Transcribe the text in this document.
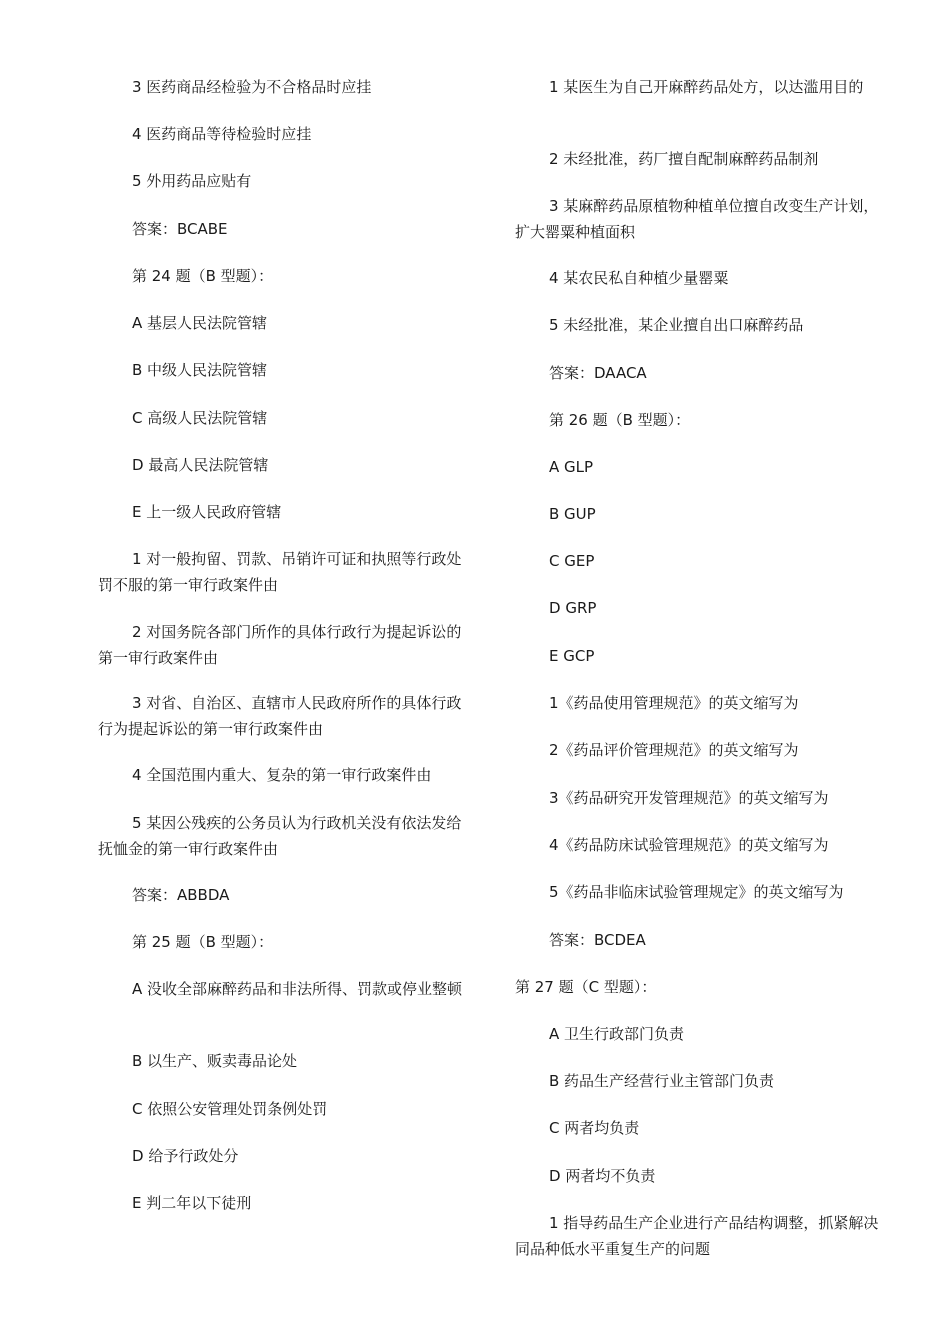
3 医药商品经检验为不合格品时应挂

4 医药商品等待检验时应挂

5 外用药品应贴有

答案：BCABE

第 24 题（B 型题）：

A 基层人民法院管辖

B 中级人民法院管辖

C 高级人民法院管辖

D 最高人民法院管辖

E 上一级人民政府管辖

1 对一般拘留、罚款、吊销许可证和执照等行政处罚不服的第一审行政案件由

2 对国务院各部门所作的具体行政行为提起诉讼的第一审行政案件由

3 对省、自治区、直辖市人民政府所作的具体行政行为提起诉讼的第一审行政案件由

4 全国范围内重大、复杂的第一审行政案件由

5 某因公残疾的公务员认为行政机关没有依法发给抚恤金的第一审行政案件由

答案：ABBDA

第 25 题（B 型题）：

A 没收全部麻醉药品和非法所得、罚款或停业整顿

B 以生产、贩卖毒品论处

C 依照公安管理处罚条例处罚

D 给予行政处分

E 判二年以下徒刑

1 某医生为自己开麻醉药品处方，以达滥用目的

2 未经批准，药厂擅自配制麻醉药品制剂

3 某麻醉药品原植物种植单位擅自改变生产计划，扩大罂粟种植面积

4 某农民私自种植少量罂粟

5 未经批准，某企业擅自出口麻醉药品

答案：DAACA

第 26 题（B 型题）：

A GLP

B GUP

C GEP

D GRP

E GCP

1《药品使用管理规范》的英文缩写为

2《药品评价管理规范》的英文缩写为

3《药品研究开发管理规范》的英文缩写为

4《药品防床试验管理规范》的英文缩写为

5《药品非临床试验管理规定》的英文缩写为

答案：BCDEA

第 27 题（C 型题）：

A 卫生行政部门负责

B 药品生产经营行业主管部门负责

C 两者均负责

D 两者均不负责

1 指导药品生产企业进行产品结构调整，抓紧解决同品种低水平重复生产的问题
